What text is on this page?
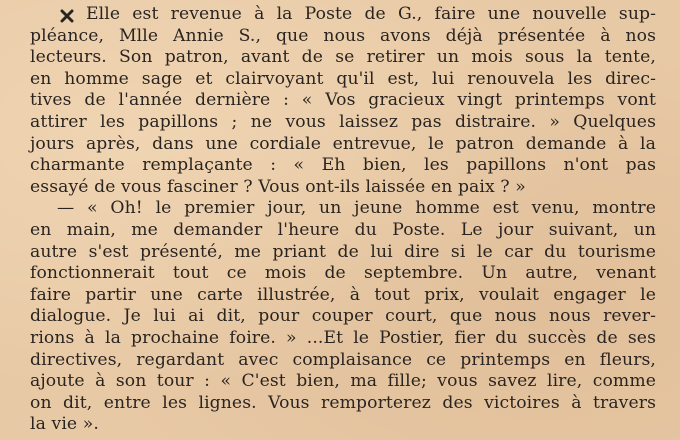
Elle est revenue à la Poste de G., faire une nouvelle sup-
pléance, Mlle Annie S., que nous avons déjà présentée à nos
lecteurs. Son patron, avant de se retirer un mois sous la tente,
en homme sage et clairvoyant qu'il est, lui renouvela les direc-
tives de l'année dernière : « Vos gracieux vingt printemps vont
attirer les papillons ; ne vous laissez pas distraire. » Quelques
jours après, dans une cordiale entrevue, le patron demande à la
charmante remplaçante : « Eh bien, les papillons n'ont pas
essayé de vous fasciner ? Vous ont-ils laissée en paix ? »
— « Oh! le premier jour, un jeune homme est venu, montre
en main, me demander l'heure du Poste. Le jour suivant, un
autre s'est présenté, me priant de lui dire si le car du tourisme
fonctionnerait tout ce mois de septembre. Un autre, venant
faire partir une carte illustrée, à tout prix, voulait engager le
dialogue. Je lui ai dit, pour couper court, que nous nous rever-
rions à la prochaine foire. » ...Et le Postier, fier du succès de ses
directives, regardant avec complaisance ce printemps en fleurs,
ajoute à son tour : « C'est bien, ma fille; vous savez lire, comme
on dit, entre les lignes. Vous remporterez des victoires à travers
la vie ».
